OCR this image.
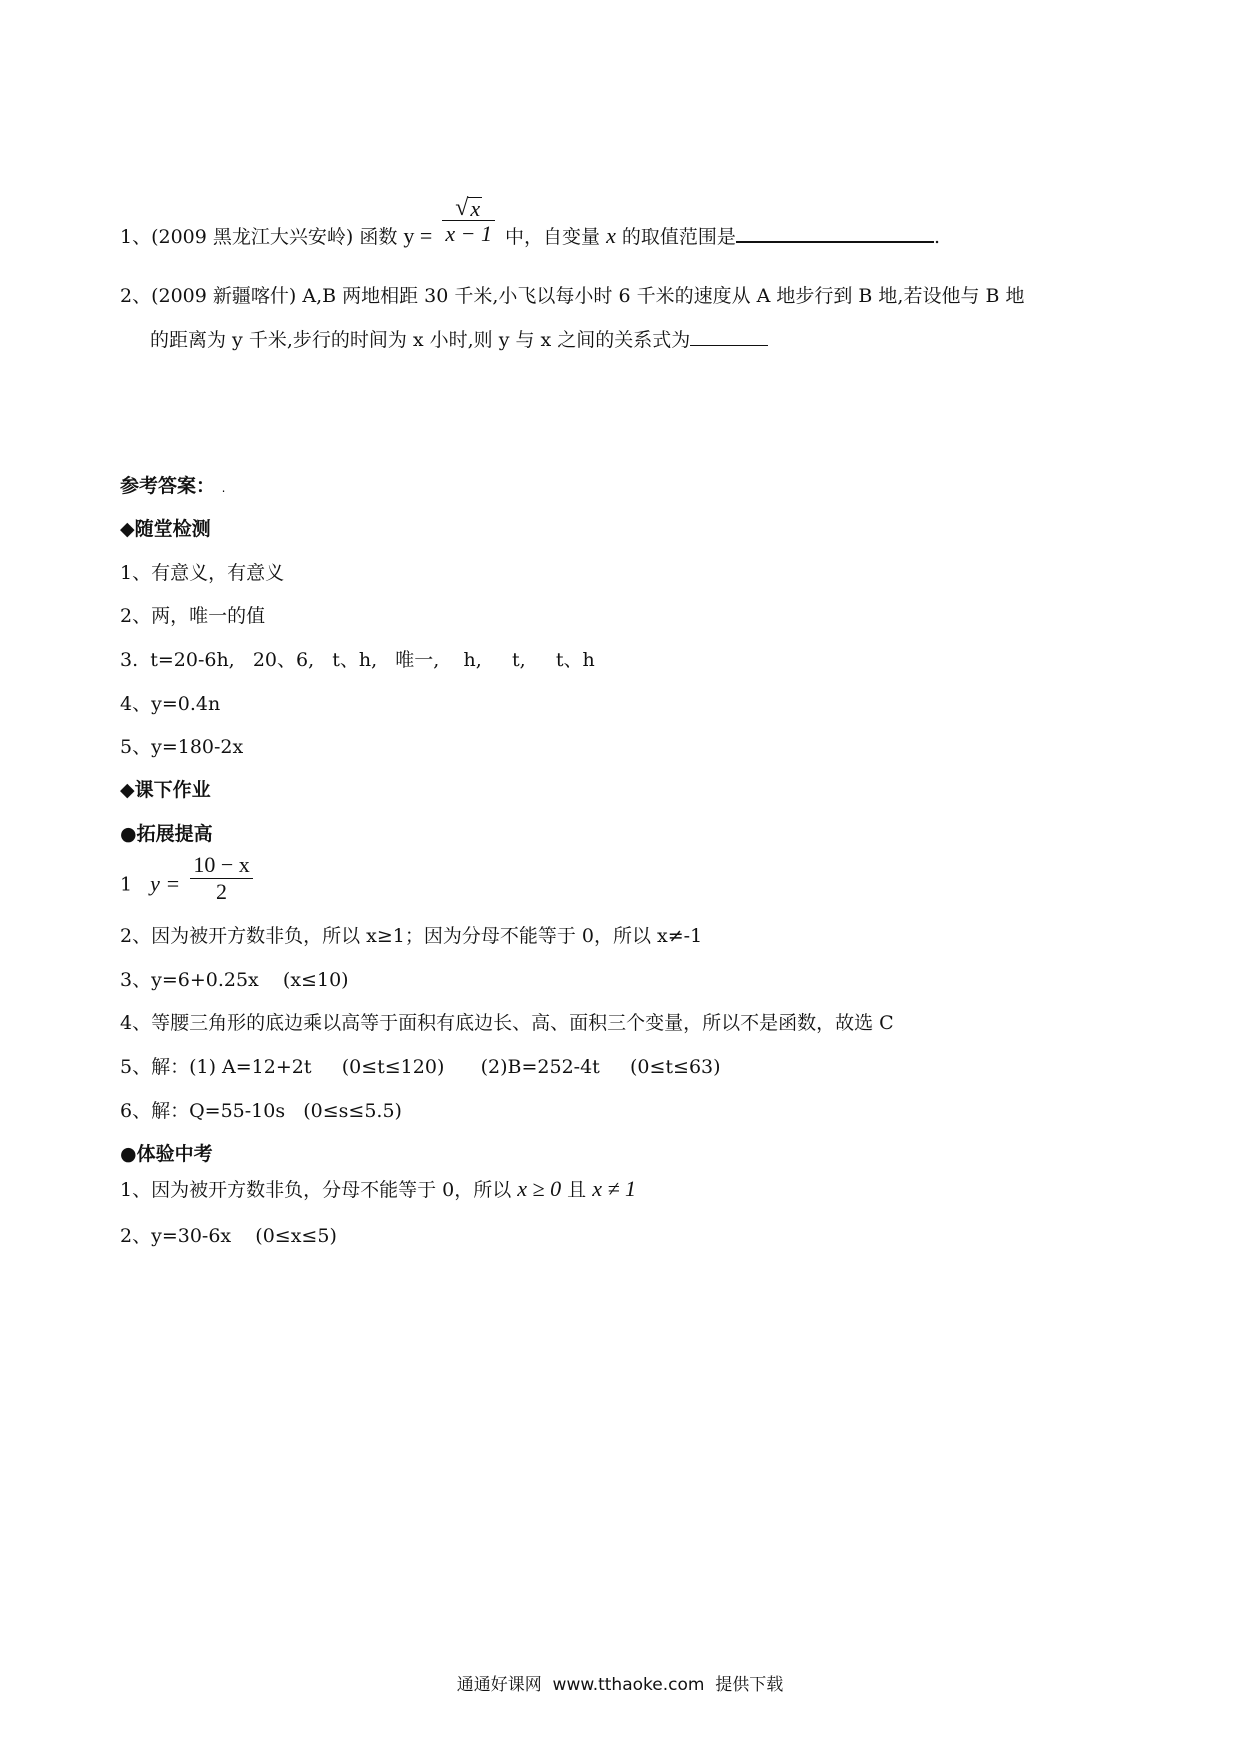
1、(2009 黑龙江大兴安岭) 函数 $y = \frac{√ x}{x - 1}$ 中，自变量 x 的取值范围是	.
2、(2009 新疆喀什) A,B 两地相距 30 千米,小飞以每小时 6 千米的速度从 A 地步行到 B 地,若设他与 B 地
的距离为 y 千米,步行的时间为 x 小时,则 y 与 x 之间的关系式为
参考答案： .
◆随堂检测
1、有意义，有意义
2、两，唯一的值
3.  t=20-6h,   20、6,   t、h,   唯一,    h,     t,     t、h
4、y=0.4n
5、y=180-2x
◆课下作业
●拓展提高
1 $y = \frac{10 - x}{2}$
2、因为被开方数非负，所以 x≥1；因为分母不能等于 0，所以 x≠-1
3、y=6+0.25x    (x≤10)
4、等腰三角形的底边乘以高等于面积有底边长、高、面积三个变量，所以不是函数，故选 C
5、解：(1) A=12+2t     (0≤t≤120)      (2)B=252-4t     (0≤t≤63)
6、解：Q=55-10s   (0≤s≤5.5)
●体验中考
1、因为被开方数非负，分母不能等于 0，所以 x ≥ 0 且 x ≠ 1
2、y=30-6x    (0≤x≤5)
通通好课网  www.tthaoke.com  提供下载
